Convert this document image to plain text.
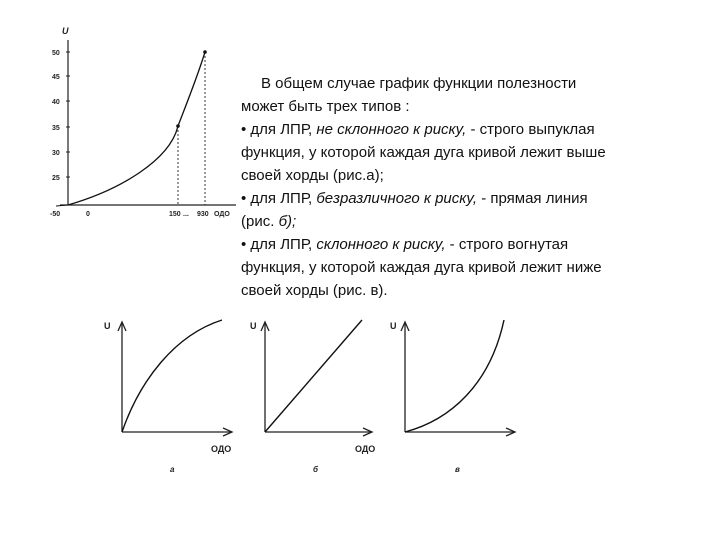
U
ОДО
50
45
40
35
30
25
-50	0	150 ... 930
U
ОДО
а
U
ОДО
б
U
в

В общем случае график функции полезности

может быть трех типов :

• для ЛПР, не склонного к риску, - строго выпуклая

функция, у которой каждая дуга кривой лежит выше

своей хорды (рис.а);

• для ЛПР, безразличного к риску, - прямая линия

(рис. б);

• для ЛПР, склонного к риску, - строго вогнутая

функция, у которой каждая дуга кривой лежит ниже

своей хорды (рис. в).
